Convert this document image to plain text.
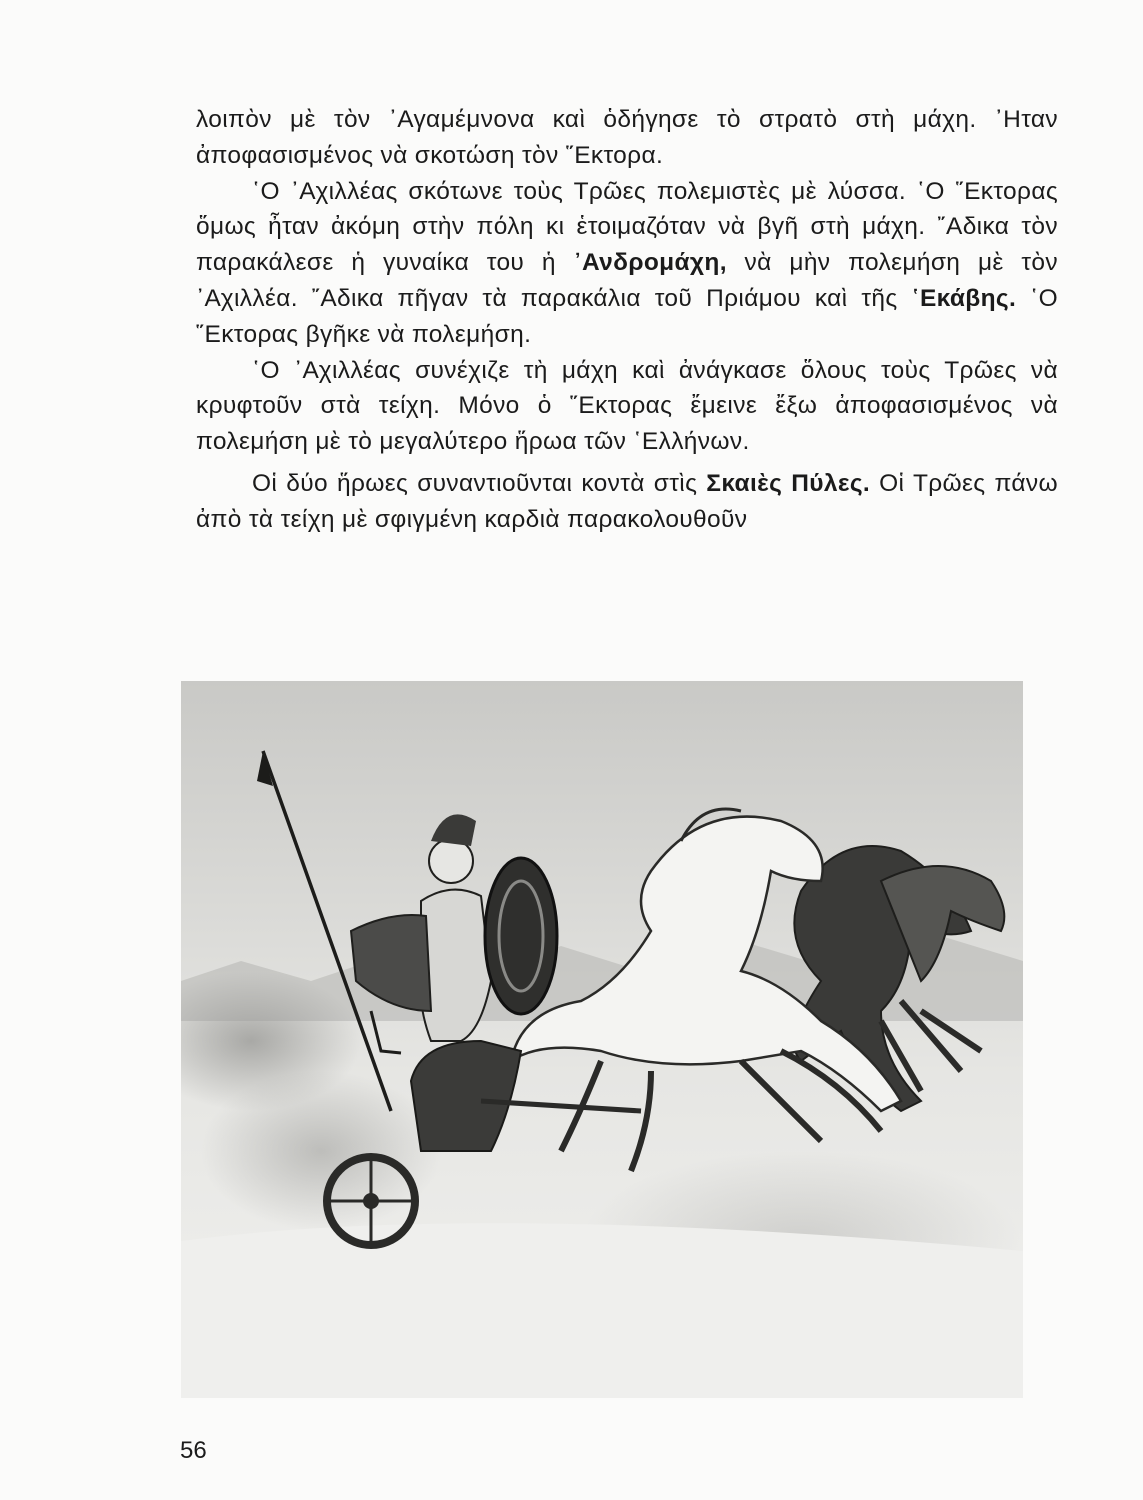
λοιπὸν μὲ τὸν ᾿Αγαμέμνονα καὶ ὁδήγησε τὸ στρατὸ στὴ μάχη. ᾿Ηταν ἀποφασισμένος νὰ σκοτώση τὸν ῞Εκτορα.

῾Ο ᾿Αχιλλέας σκότωνε τοὺς Τρῶες πολεμιστὲς μὲ λύσσα. ῾Ο ῞Εκτορας ὅμως ἦταν ἀκόμη στὴν πόλη κι ἑτοιμαζόταν νὰ βγῆ στὴ μάχη. ῎Αδικα τὸν παρακάλεσε ἡ γυναίκα του ἡ ᾿Ανδρομάχη, νὰ μὴν πολεμήση μὲ τὸν ᾿Αχιλλέα. ῎Αδικα πῆγαν τὰ παρακάλια τοῦ Πριάμου καὶ τῆς ῾Εκάβης. ῾Ο ῞Εκτορας βγῆκε νὰ πολεμήση.

῾Ο ᾿Αχιλλέας συνέχιζε τὴ μάχη καὶ ἀνάγκασε ὅλους τοὺς Τρῶες νὰ κρυφτοῦν στὰ τείχη. Μόνο ὁ ῞Εκτορας ἔμεινε ἔξω ἀποφασισμένος νὰ πολεμήση μὲ τὸ μεγαλύτερο ἥρωα τῶν ῾Ελλήνων.

Οἱ δύο ἥρωες συναντιοῦνται κοντὰ στὶς Σκαιὲς Πύλες. Οἱ Τρῶες πάνω ἀπὸ τὰ τείχη μὲ σφιγμένη καρδιὰ παρακολουθοῦν

56
